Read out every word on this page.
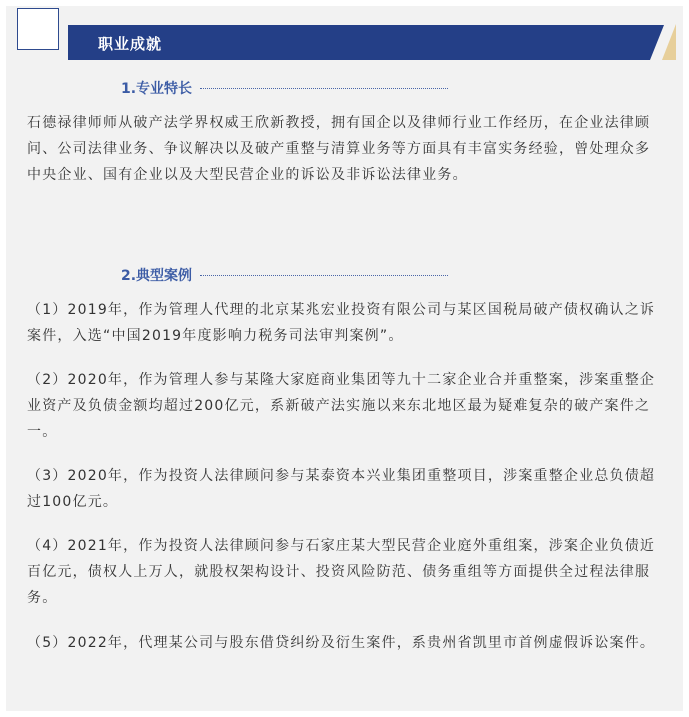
职业成就
1.专业特长

石德禄律师师从破产法学界权威王欣新教授，拥有国企以及律师行业工作经历，在企业法律顾问、公司法律业务、争议解决以及破产重整与清算业务等方面具有丰富实务经验，曾处理众多中央企业、国有企业以及大型民营企业的诉讼及非诉讼法律业务。

2.典型案例

（1）2019年，作为管理人代理的北京某兆宏业投资有限公司与某区国税局破产债权确认之诉案件，入选“中国2019年度影响力税务司法审判案例”。

（2）2020年，作为管理人参与某隆大家庭商业集团等九十二家企业合并重整案，涉案重整企业资产及负债金额均超过200亿元，系新破产法实施以来东北地区最为疑难复杂的破产案件之一。

（3）2020年，作为投资人法律顾问参与某泰资本兴业集团重整项目，涉案重整企业总负债超过100亿元。

（4）2021年，作为投资人法律顾问参与石家庄某大型民营企业庭外重组案，涉案企业负债近百亿元，债权人上万人，就股权架构设计、投资风险防范、债务重组等方面提供全过程法律服务。

（5）2022年，代理某公司与股东借贷纠纷及衍生案件，系贵州省凯里市首例虚假诉讼案件。
